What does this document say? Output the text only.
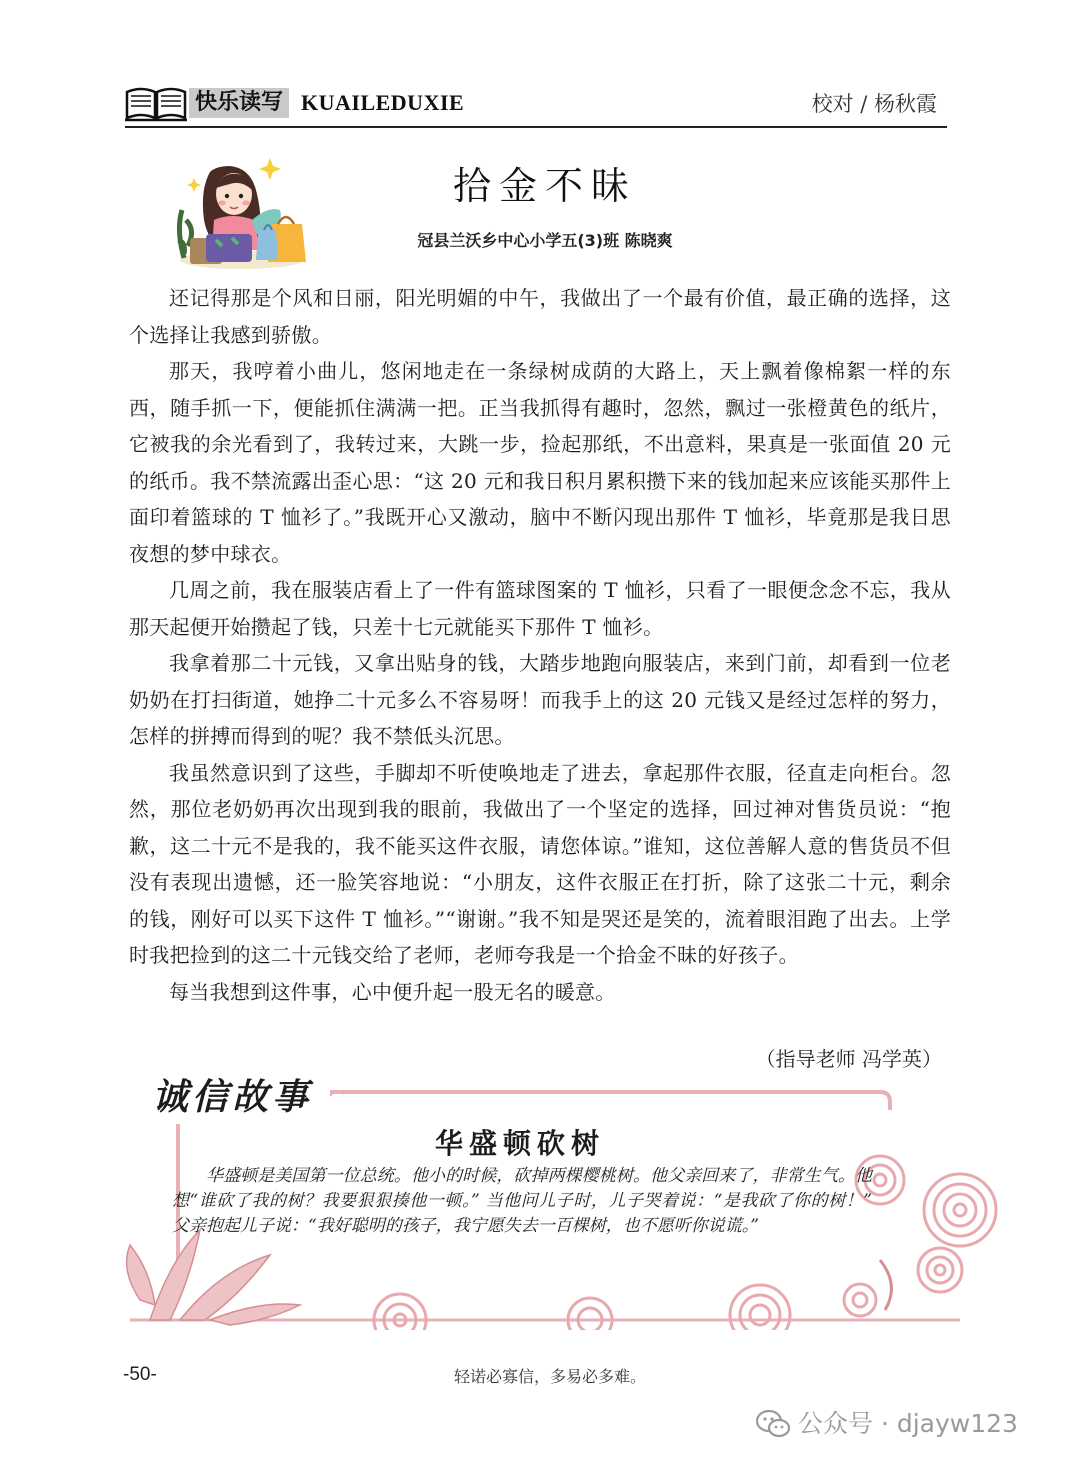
快乐读写 KUAILEDUXIE	校对 / 杨秋霞
拾金不昧
冠县兰沃乡中心小学五(3)班 陈晓爽

还记得那是个风和日丽，阳光明媚的中午，我做出了一个最有价值，最正确的选择，这个选择让我感到骄傲。

那天，我哼着小曲儿，悠闲地走在一条绿树成荫的大路上，天上飘着像棉絮一样的东西，随手抓一下，便能抓住满满一把。正当我抓得有趣时，忽然，飘过一张橙黄色的纸片，它被我的余光看到了，我转过来，大跳一步，捡起那纸，不出意料，果真是一张面值 20 元的纸币。我不禁流露出歪心思：“这 20 元和我日积月累积攒下来的钱加起来应该能买那件上面印着篮球的 T 恤衫了。”我既开心又激动，脑中不断闪现出那件 T 恤衫，毕竟那是我日思夜想的梦中球衣。

几周之前，我在服装店看上了一件有篮球图案的 T 恤衫，只看了一眼便念念不忘，我从那天起便开始攒起了钱，只差十七元就能买下那件 T 恤衫。

我拿着那二十元钱，又拿出贴身的钱，大踏步地跑向服装店，来到门前，却看到一位老奶奶在打扫街道，她挣二十元多么不容易呀！而我手上的这 20 元钱又是经过怎样的努力，怎样的拼搏而得到的呢？我不禁低头沉思。

我虽然意识到了这些，手脚却不听使唤地走了进去，拿起那件衣服，径直走向柜台。忽然，那位老奶奶再次出现到我的眼前，我做出了一个坚定的选择，回过神对售货员说：“抱歉，这二十元不是我的，我不能买这件衣服，请您体谅。”谁知，这位善解人意的售货员不但没有表现出遗憾，还一脸笑容地说：“小朋友，这件衣服正在打折，除了这张二十元，剩余的钱，刚好可以买下这件 T 恤衫。”“谢谢。”我不知是哭还是笑的，流着眼泪跑了出去。上学时我把捡到的这二十元钱交给了老师，老师夸我是一个拾金不昧的好孩子。

每当我想到这件事，心中便升起一股无名的暖意。

（指导老师 冯学英）
诚信故事
华盛顿砍树

华盛顿是美国第一位总统。他小的时候，砍掉两棵樱桃树。他父亲回来了，非常生气。他想“谁砍了我的树？我要狠狠揍他一顿。” 当他问儿子时，儿子哭着说：“是我砍了你的树！” 父亲抱起儿子说：“我好聪明的孩子，我宁愿失去一百棵树，也不愿听你说谎。”

-50-	轻诺必寡信，多易必多难。
公众号 · djayw123
